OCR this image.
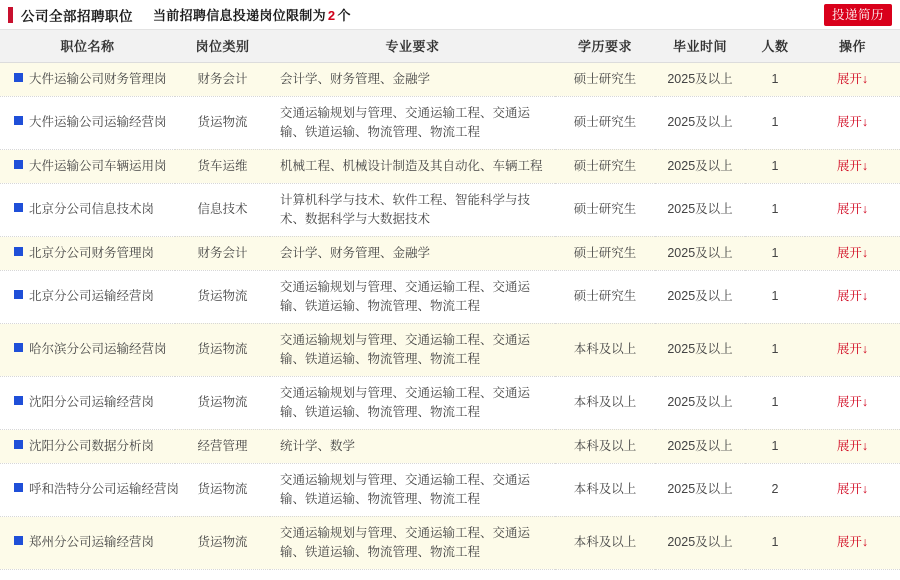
公司全部招聘职位 当前招聘信息投递岗位限制为 2 个	投递简历
职位名称	岗位类别	专业要求	学历要求	毕业时间	人数	操作
大件运输公司财务管理岗	财务会计	会计学、财务管理、金融学	硕士研究生	2025及以上	1	展开↓
大件运输公司运输经营岗	货运物流	交通运输规划与管理、交通运输工程、交通运输、铁道运输、物流管理、物流工程	硕士研究生	2025及以上	1	展开↓
大件运输公司车辆运用岗	货车运维	机械工程、机械设计制造及其自动化、车辆工程	硕士研究生	2025及以上	1	展开↓
北京分公司信息技术岗	信息技术	计算机科学与技术、软件工程、智能科学与技术、数据科学与大数据技术	硕士研究生	2025及以上	1	展开↓
北京分公司财务管理岗	财务会计	会计学、财务管理、金融学	硕士研究生	2025及以上	1	展开↓
北京分公司运输经营岗	货运物流	交通运输规划与管理、交通运输工程、交通运输、铁道运输、物流管理、物流工程	硕士研究生	2025及以上	1	展开↓
哈尔滨分公司运输经营岗	货运物流	交通运输规划与管理、交通运输工程、交通运输、铁道运输、物流管理、物流工程	本科及以上	2025及以上	1	展开↓
沈阳分公司运输经营岗	货运物流	交通运输规划与管理、交通运输工程、交通运输、铁道运输、物流管理、物流工程	本科及以上	2025及以上	1	展开↓
沈阳分公司数据分析岗	经营管理	统计学、数学	本科及以上	2025及以上	1	展开↓
呼和浩特分公司运输经营岗	货运物流	交通运输规划与管理、交通运输工程、交通运输、铁道运输、物流管理、物流工程	本科及以上	2025及以上	2	展开↓
郑州分公司运输经营岗	货运物流	交通运输规划与管理、交通运输工程、交通运输、铁道运输、物流管理、物流工程	本科及以上	2025及以上	1	展开↓
